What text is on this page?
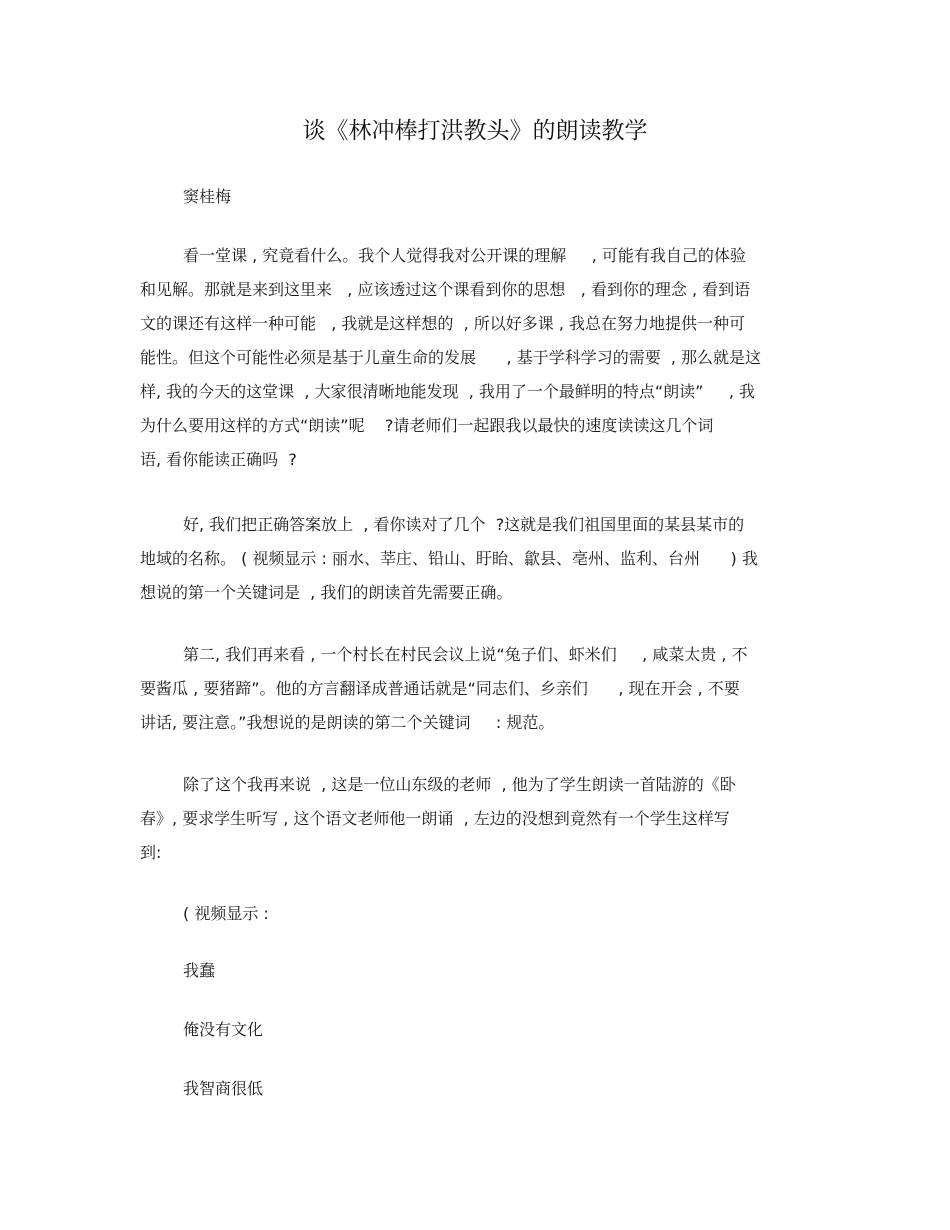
谈《林冲棒打洪教头》的朗读教学
窦桂梅
看一堂课 , 究竟看什么。我个人觉得我对公开课的理解     , 可能有我自己的体验
和见解。那就是来到这里来   , 应该透过这个课看到你的思想   , 看到你的理念 , 看到语
文的课还有这样一种可能   , 我就是这样想的  , 所以好多课 , 我总在努力地提供一种可
能性。但这个可能性必须是基于儿童生命的发展      , 基于学科学习的需要  , 那么就是这
样, 我的今天的这堂课  , 大家很清晰地能发现  , 我用了一个最鲜明的特点“朗读”     , 我
为什么要用这样的方式“朗读”呢    ?请老师们一起跟我以最快的速度读读这几个词
语, 看你能读正确吗  ?
好, 我们把正确答案放上  , 看你读对了几个  ?这就是我们祖国里面的某县某市的
地域的名称。 ( 视频显示 : 丽水、莘庄、铅山、盱眙、歙县、亳州、监利、台州      ) 我
想说的第一个关键词是  , 我们的朗读首先需要正确。
第二, 我们再来看 , 一个村长在村民会议上说“兔子们、虾米们     , 咸菜太贵 , 不
要酱瓜 , 要猪蹄”。他的方言翻译成普通话就是“同志们、乡亲们      , 现在开会 , 不要
讲话, 要注意。”我想说的是朗读的第二个关键词     : 规范。
除了这个我再来说  , 这是一位山东级的老师  , 他为了学生朗读一首陆游的《卧
春》, 要求学生听写 , 这个语文老师他一朗诵  , 左边的没想到竟然有一个学生这样写
到:
( 视频显示 :
我蠢
俺没有文化
我智商很低
